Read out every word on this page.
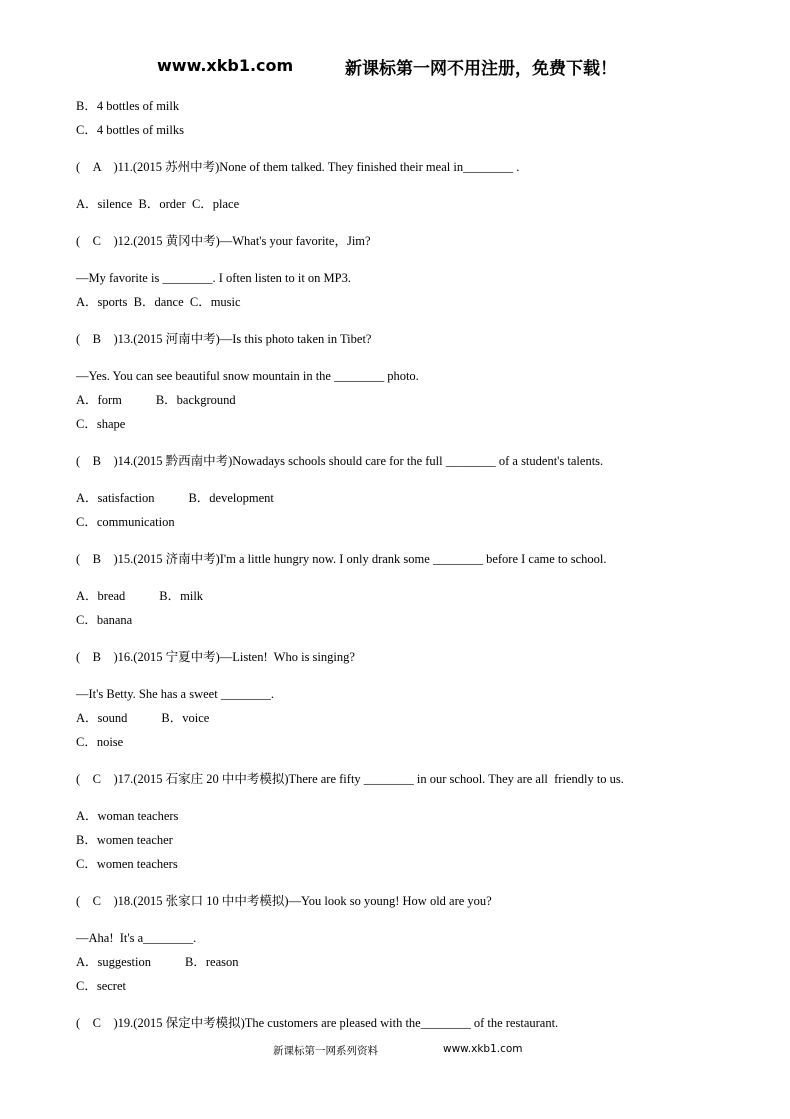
www.xkb1.com	新课标第一网不用注册，免费下载！
B．4 bottles of milk
C．4 bottles of milks
(　A　)11.(2015 苏州中考)None of them talked. They finished their meal in________ .
A．silence  B．order  C．place
(　C　)12.(2015 黄冈中考)—What's your favorite，Jim?
—My favorite is ________. I often listen to it on MP3.
A．sports  B．dance  C．music
(　B　)13.(2015 河南中考)—Is this photo taken in Tibet?
—Yes. You can see beautiful snow mountain in the ________ photo.
A．form	B．background
C．shape
(　B　)14.(2015 黔西南中考)Nowadays schools should care for the full ________ of a student's talents.
A．satisfaction	B．development
C．communication
(　B　)15.(2015 济南中考)I'm a little hungry now. I only drank some ________ before I came to school.
A．bread	B．milk
C．banana
(　B　)16.(2015 宁夏中考)—Listen!  Who is singing?
—It's Betty. She has a sweet ________.
A．sound	B．voice
C．noise
(　C　)17.(2015 石家庄 20 中中考模拟)There are fifty ________ in our school. They are all  friendly to us.
A．woman teachers
B．women teacher
C．women teachers
(　C　)18.(2015 张家口 10 中中考模拟)—You look so young! How old are you?
—Aha!  It's a________.
A．suggestion	B．reason
C．secret
(　C　)19.(2015 保定中考模拟)The customers are pleased with the________ of the restaurant.
新课标第一网系列资料	www.xkb1.com
